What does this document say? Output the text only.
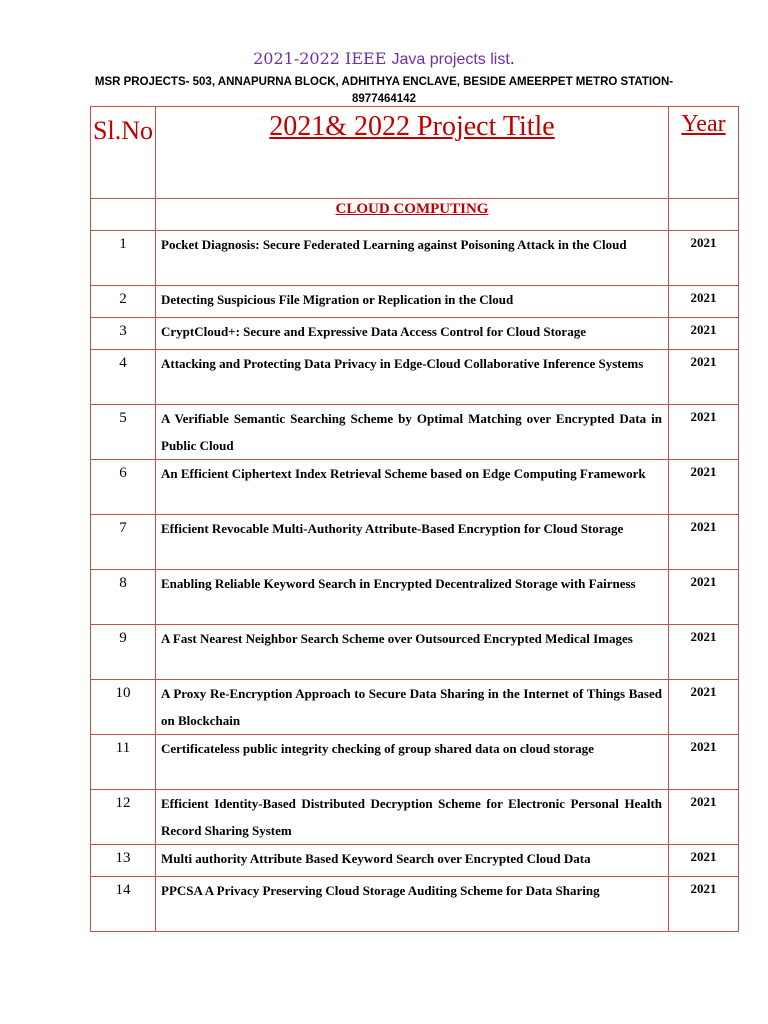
2021-2022 IEEE Java projects list.
MSR PROJECTS- 503, ANNAPURNA BLOCK, ADHITHYA ENCLAVE, BESIDE AMEERPET METRO STATION- 8977464142
Sl.No	2021& 2022 Project Title	Year
	CLOUD COMPUTING	
1	Pocket Diagnosis: Secure Federated Learning against Poisoning Attack in the Cloud	2021
2	Detecting Suspicious File Migration or Replication in the Cloud	2021
3	CryptCloud+: Secure and Expressive Data Access Control for Cloud Storage	2021
4	Attacking and Protecting Data Privacy in Edge-Cloud Collaborative Inference Systems	2021
5	A Verifiable Semantic Searching Scheme by Optimal Matching over Encrypted Data in Public Cloud	2021
6	An Efficient Ciphertext Index Retrieval Scheme based on Edge Computing Framework	2021
7	Efficient Revocable Multi-Authority Attribute-Based Encryption for Cloud Storage	2021
8	Enabling Reliable Keyword Search in Encrypted Decentralized Storage with Fairness	2021
9	A Fast Nearest Neighbor Search Scheme over Outsourced Encrypted Medical Images	2021
10	A Proxy Re-Encryption Approach to Secure Data Sharing in the Internet of Things Based on Blockchain	2021
11	Certificateless public integrity checking of group shared data on cloud storage	2021
12	Efficient Identity-Based Distributed Decryption Scheme for Electronic Personal Health Record Sharing System	2021
13	Multi authority Attribute Based Keyword Search over Encrypted Cloud Data	2021
14	PPCSA A Privacy Preserving Cloud Storage Auditing Scheme for Data Sharing	2021
